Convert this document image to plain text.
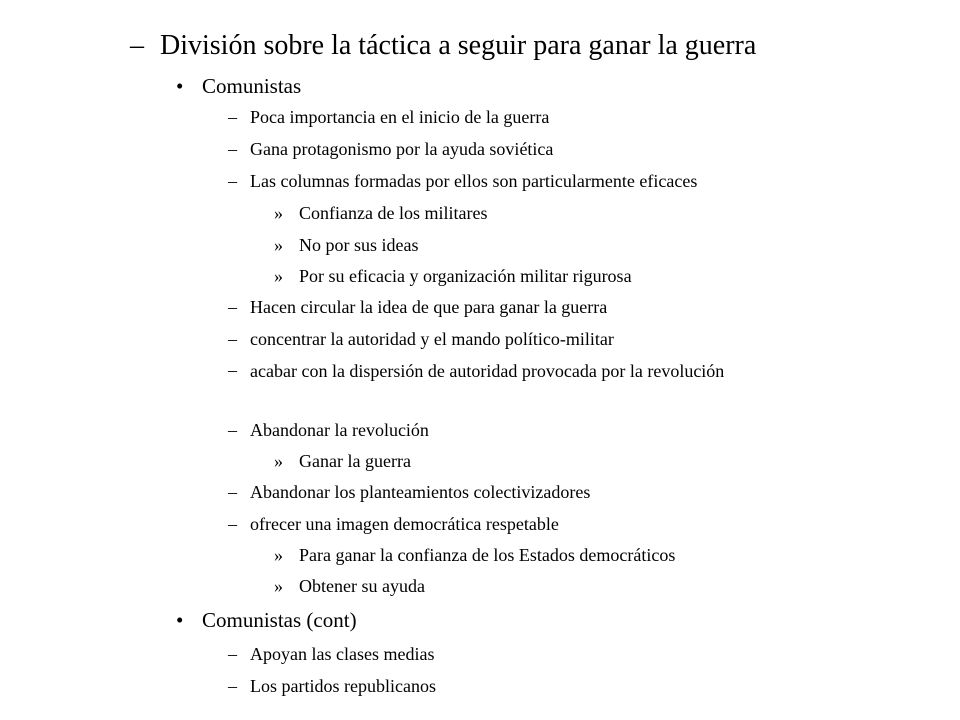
– División sobre la táctica a seguir para ganar la guerra
• Comunistas
– Poca importancia en el inicio de la guerra
– Gana protagonismo por la ayuda soviética
– Las columnas formadas por ellos son particularmente eficaces
» Confianza de los militares
» No por sus ideas
» Por su eficacia y organización militar rigurosa
– Hacen circular la idea de que para ganar la guerra
– concentrar la autoridad y el mando político-militar
– acabar con la dispersión de autoridad provocada por la revolución
– Abandonar la revolución
» Ganar la guerra
– Abandonar los planteamientos colectivizadores
– ofrecer una imagen democrática respetable
» Para ganar la confianza de los Estados democráticos
» Obtener su ayuda
• Comunistas (cont)
– Apoyan las clases medias
– Los partidos republicanos
